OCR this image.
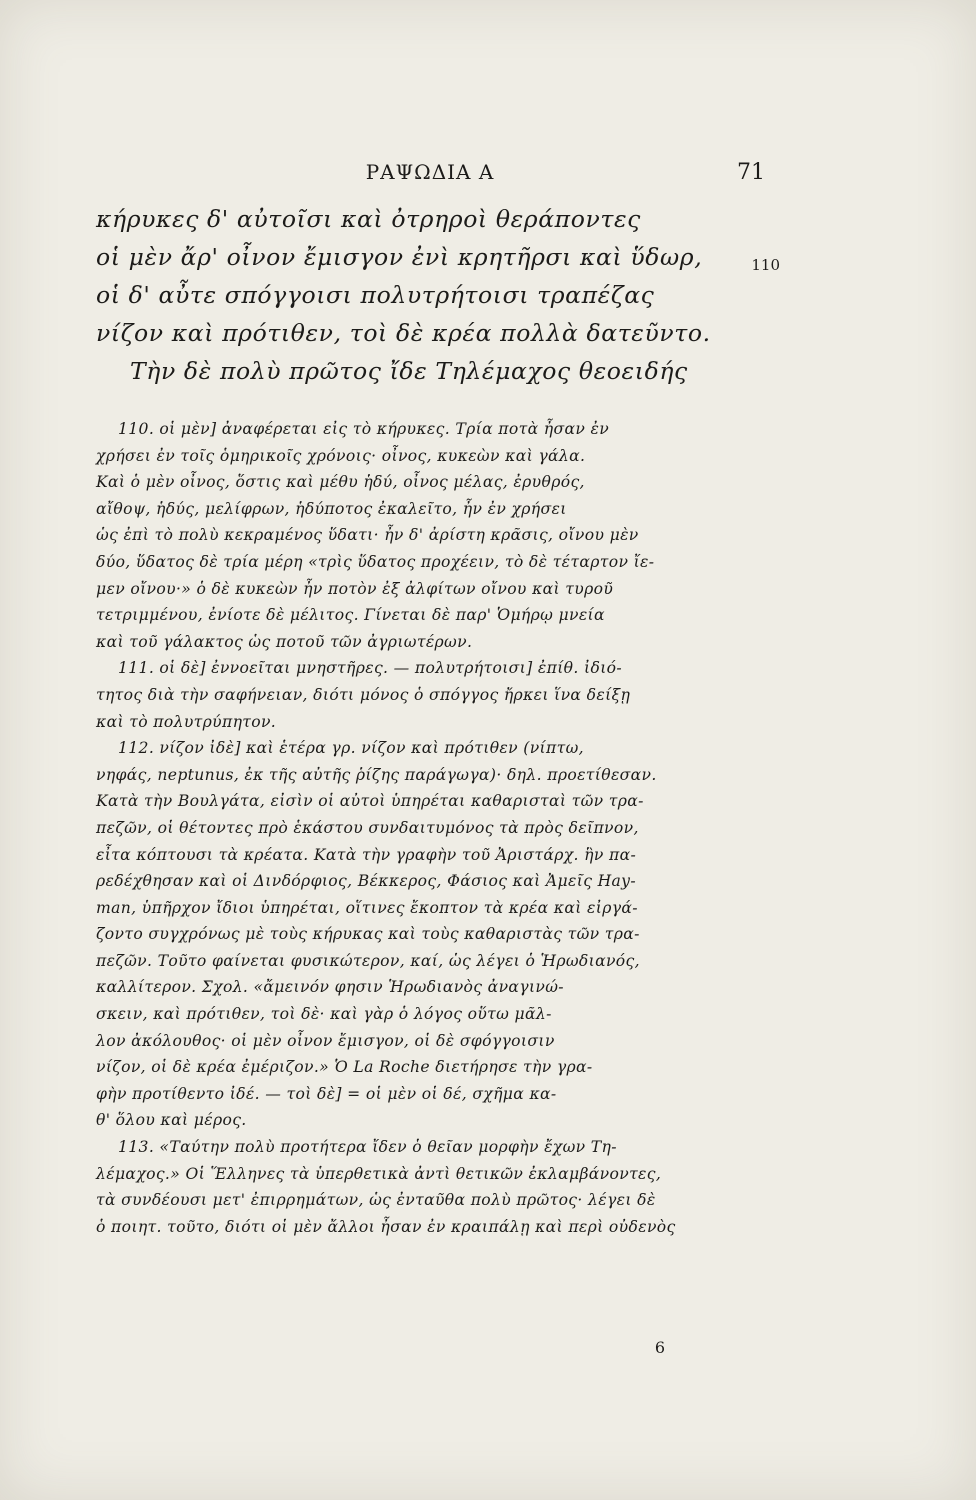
ΡΑΨΩΔΙΑ Α	71
κήρυκες δ' αὐτοῖσι καὶ ὀτρηροὶ θεράποντες
οἱ μὲν ἄρ' οἶνον ἔμισγον ἐνὶ κρητῆρσι καὶ ὕδωρ,
οἱ δ' αὖτε σπόγγοισι πολυτρήτοισι τραπέζας
νίζον καὶ πρότιθεν, τοὶ δὲ κρέα πολλὰ δατεῦντο.
Τὴν δὲ πολὺ πρῶτος ἴδε Τηλέμαχος θεοειδής
110
110. οἱ μὲν] ἀναφέρεται εἰς τὸ κήρυκες. Τρία ποτὰ ἦσαν ἐν
χρήσει ἐν τοῖς ὁμηρικοῖς χρόνοις· οἶνος, κυκεὼν καὶ γάλα.
Καὶ ὁ μὲν οἶνος, ὅστις καὶ μέθυ ἡδύ, οἶνος μέλας, ἐρυθρός,
αἴθοψ, ἡδύς, μελίφρων, ἡδύποτος ἐκαλεῖτο, ἦν ἐν χρήσει
ὡς ἐπὶ τὸ πολὺ κεκραμένος ὕδατι· ἦν δ' ἀρίστη κρᾶσις, οἴνου μὲν
δύο, ὕδατος δὲ τρία μέρη «τρὶς ὕδατος προχέειν, τὸ δὲ τέταρτον ἴε-
μεν οἴνου·» ὁ δὲ κυκεὼν ἦν ποτὸν ἐξ ἀλφίτων οἴνου καὶ τυροῦ
τετριμμένου, ἐνίοτε δὲ μέλιτος. Γίνεται δὲ παρ' Ὁμήρῳ μνεία
καὶ τοῦ γάλακτος ὡς ποτοῦ τῶν ἀγριωτέρων.
111. οἱ δὲ] ἐννοεῖται μνηστῆρες. — πολυτρήτοισι] ἐπίθ. ἰδιό-
τητος διὰ τὴν σαφήνειαν, διότι μόνος ὁ σπόγγος ἤρκει ἵνα δείξῃ
καὶ τὸ πολυτρύπητον.
112. νίζον ἰδὲ] καὶ ἑτέρα γρ. νίζον καὶ πρότιθεν (νίπτω,
νηφάς, neptunus, ἐκ τῆς αὐτῆς ῥίζης παράγωγα)· δηλ. προετίθεσαν.
Κατὰ τὴν Βουλγάτα, εἰσὶν οἱ αὐτοὶ ὑπηρέται καθαρισταὶ τῶν τρα-
πεζῶν, οἱ θέτοντες πρὸ ἑκάστου συνδαιτυμόνος τὰ πρὸς δεῖπνον,
εἶτα κόπτουσι τὰ κρέατα. Κατὰ τὴν γραφὴν τοῦ Ἀριστάρχ. ἣν πα-
ρεδέχθησαν καὶ οἱ Δινδόρφιος, Βέκκερος, Φάσιος καὶ Ἀμεῖς Hay-
man, ὑπῆρχον ἴδιοι ὑπηρέται, οἵτινες ἔκοπτον τὰ κρέα καὶ εἰργά-
ζοντο συγχρόνως μὲ τοὺς κήρυκας καὶ τοὺς καθαριστὰς τῶν τρα-
πεζῶν. Τοῦτο φαίνεται φυσικώτερον, καί, ὡς λέγει ὁ Ἡρωδιανός,
καλλίτερον. Σχολ. «ἄμεινόν φησιν Ἡρωδιανὸς ἀναγινώ-
σκειν, καὶ πρότιθεν, τοὶ δὲ· καὶ γὰρ ὁ λόγος οὕτω μᾶλ-
λον ἀκόλουθος· οἱ μὲν οἶνον ἔμισγον, οἱ δὲ σφόγγοισιν
νίζον, οἱ δὲ κρέα ἐμέριζον.» Ὁ La Roche διετήρησε τὴν γρα-
φὴν προτίθεντο ἰδέ. — τοὶ δὲ] = οἱ μὲν οἱ δέ, σχῆμα κα-
θ' ὅλου καὶ μέρος.
113. «Ταύτην πολὺ προτήτερα ἴδεν ὁ θεῖαν μορφὴν ἔχων Τη-
λέμαχος.» Οἱ Ἕλληνες τὰ ὑπερθετικὰ ἀντὶ θετικῶν ἐκλαμβάνοντες,
τὰ συνδέουσι μετ' ἐπιρρημάτων, ὡς ἐνταῦθα πολὺ πρῶτος· λέγει δὲ
ὁ ποιητ. τοῦτο, διότι οἱ μὲν ἄλλοι ἦσαν ἐν κραιπάλῃ καὶ περὶ οὐδενὸς
6
